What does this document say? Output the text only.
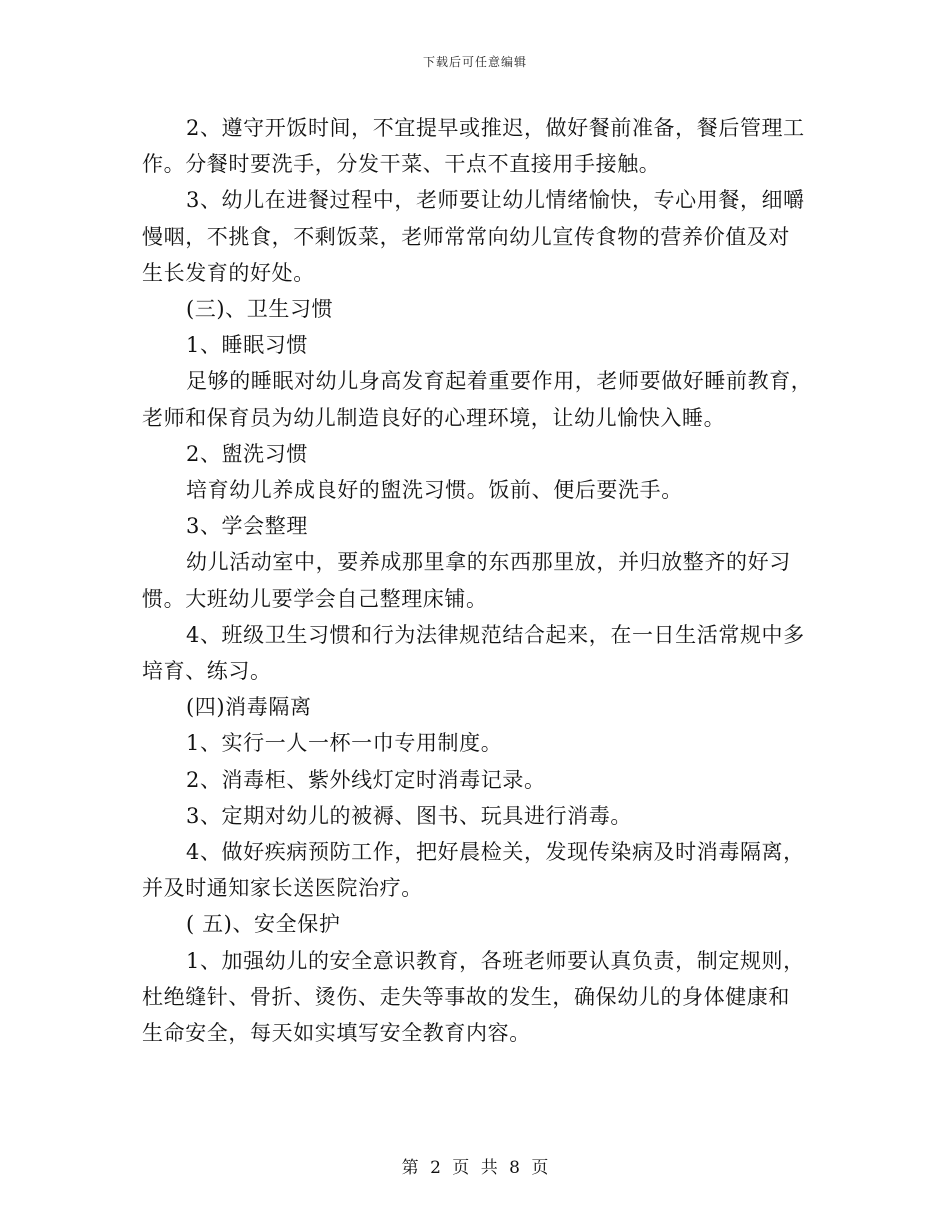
下载后可任意编辑
2、遵守开饭时间，不宜提早或推迟，做好餐前准备，餐后管理工
作。分餐时要洗手，分发干菜、干点不直接用手接触。
3、幼儿在进餐过程中，老师要让幼儿情绪愉快，专心用餐，细嚼
慢咽，不挑食，不剩饭菜，老师常常向幼儿宣传食物的营养价值及对
生长发育的好处。
(三)、卫生习惯
1、睡眠习惯
足够的睡眠对幼儿身高发育起着重要作用，老师要做好睡前教育，
老师和保育员为幼儿制造良好的心理环境，让幼儿愉快入睡。
2、盥洗习惯
培育幼儿养成良好的盥洗习惯。饭前、便后要洗手。
3、学会整理
幼儿活动室中，要养成那里拿的东西那里放，并归放整齐的好习
惯。大班幼儿要学会自己整理床铺。
4、班级卫生习惯和行为法律规范结合起来，在一日生活常规中多
培育、练习。
(四)消毒隔离
1、实行一人一杯一巾专用制度。
2、消毒柜、紫外线灯定时消毒记录。
3、定期对幼儿的被褥、图书、玩具进行消毒。
4、做好疾病预防工作，把好晨检关，发现传染病及时消毒隔离，
并及时通知家长送医院治疗。
( 五)、安全保护
1、加强幼儿的安全意识教育，各班老师要认真负责，制定规则，
杜绝缝针、骨折、烫伤、走失等事故的发生，确保幼儿的身体健康和
生命安全，每天如实填写安全教育内容。
第 2 页 共 8 页
